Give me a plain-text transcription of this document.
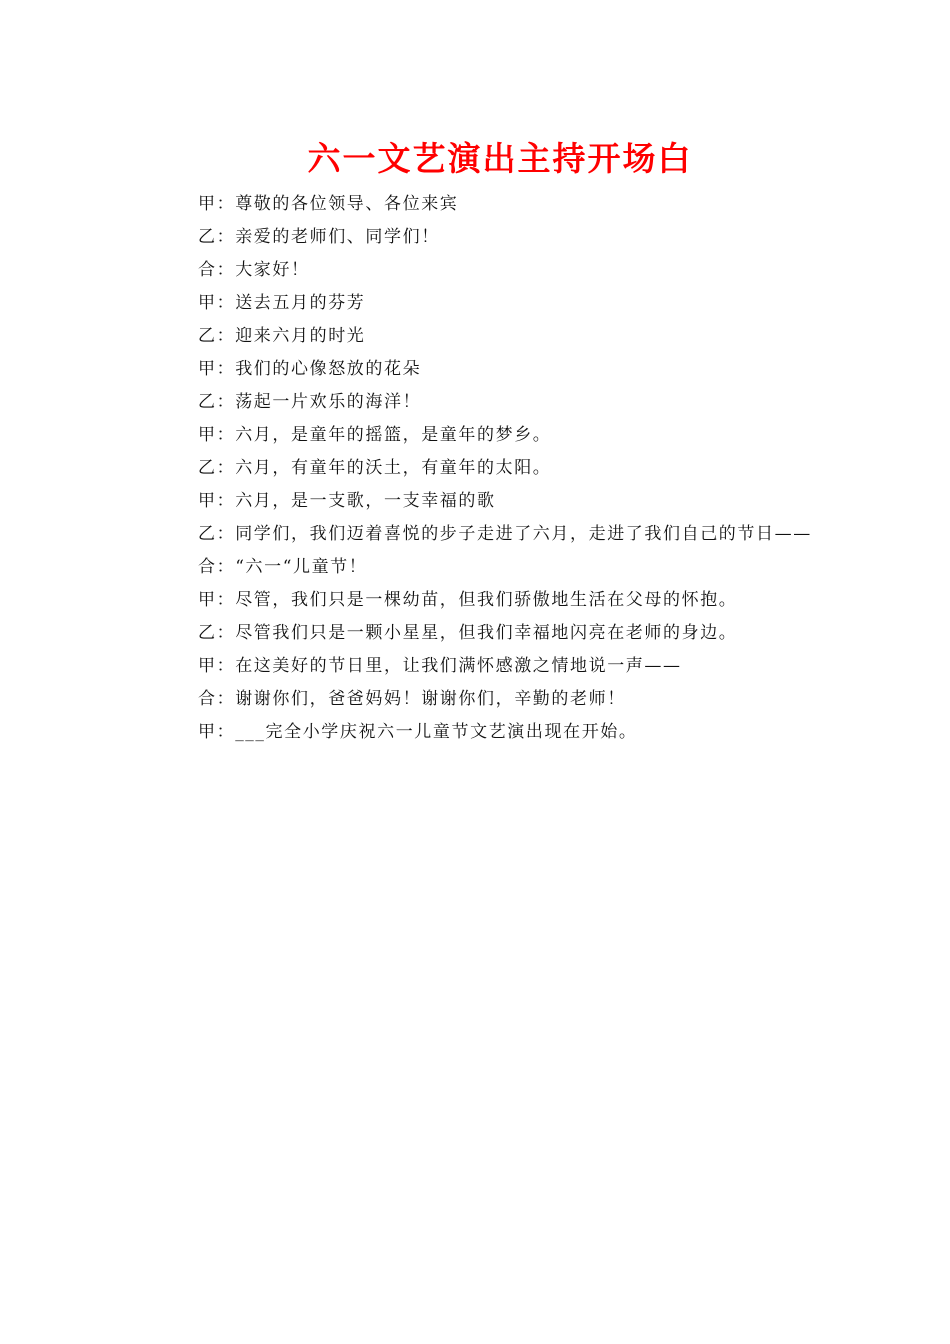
六一文艺演出主持开场白
甲：尊敬的各位领导、各位来宾
乙：亲爱的老师们、同学们！
合：大家好！
甲：送去五月的芬芳
乙：迎来六月的时光
甲：我们的心像怒放的花朵
乙：荡起一片欢乐的海洋！
甲：六月，是童年的摇篮，是童年的梦乡。
乙：六月，有童年的沃土，有童年的太阳。
甲：六月，是一支歌，一支幸福的歌
乙：同学们，我们迈着喜悦的步子走进了六月，走进了我们自己的节日——
合：“六一“儿童节！
甲：尽管，我们只是一棵幼苗，但我们骄傲地生活在父母的怀抱。
乙：尽管我们只是一颗小星星，但我们幸福地闪亮在老师的身边。
甲：在这美好的节日里，让我们满怀感激之情地说一声——
合：谢谢你们，爸爸妈妈！谢谢你们，辛勤的老师！
甲：___完全小学庆祝六一儿童节文艺演出现在开始。
